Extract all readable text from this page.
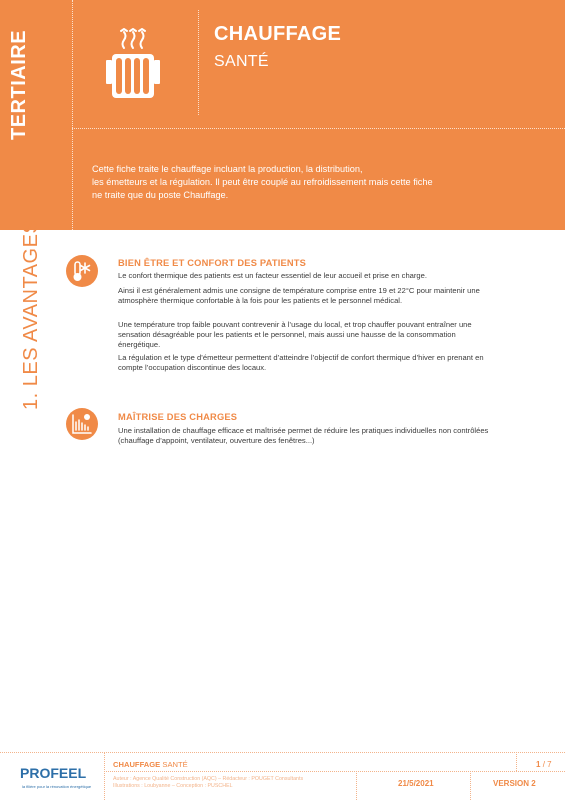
TERTIAIRE	CHAUFFAGE
SANTÉ
Cette fiche traite le chauffage incluant la production, la distribution,
les émetteurs et la régulation. Il peut être couplé au refroidissement mais cette fiche
ne traite que du poste Chauffage.
1. LES AVANTAGES	BIEN ÊTRE ET CONFORT DES PATIENTS
Le confort thermique des patients est un facteur essentiel de leur accueil et prise en charge.
Ainsi il est généralement admis une consigne de température comprise entre 19 et 22°C pour maintenir une atmosphère thermique confortable à la fois pour les patients et le personnel médical.
Une température trop faible pouvant contrevenir à l’usage du local, et trop chauffer pouvant entraîner une sensation désagréable pour les patients et le personnel, mais aussi une hausse de la consommation énergétique.
La régulation et le type d’émetteur permettent d’atteindre l’objectif de confort thermique d’hiver en prenant en compte l’occupation discontinue des locaux.
MAÎTRISE DES CHARGES
Une installation de chauffage efficace et maîtrisée permet de réduire les pratiques individuelles non contrôlées (chauffage d’appoint, ventilateur, ouverture des fenêtres...)
PROFEEL
la filière pour la rénovation énergétique
CHAUFFAGE SANTÉ	1 / 7
Auteur : Agence Qualité Construction (AQC) – Rédacteur : POUGET Consultants
Illustrations : Loubyanne – Conception : PUSCHEL	21/5/2021	VERSION 2
